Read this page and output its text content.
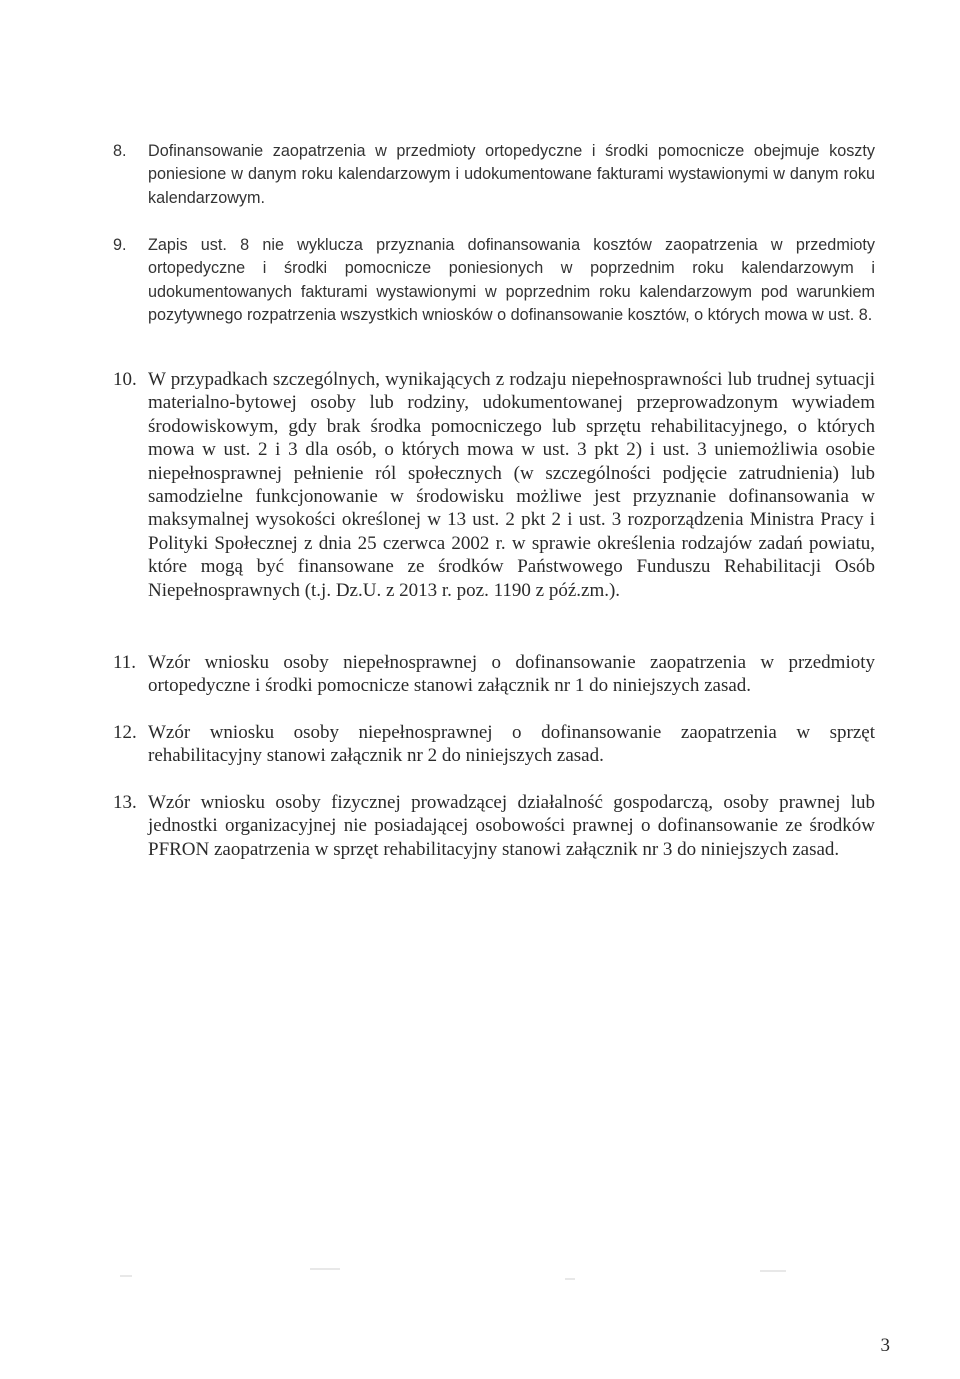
8. Dofinansowanie zaopatrzenia w przedmioty ortopedyczne i środki pomocnicze obejmuje koszty poniesione w danym roku kalendarzowym i udokumentowane fakturami wystawionymi w danym roku kalendarzowym.
9. Zapis ust. 8 nie wyklucza przyznania dofinansowania kosztów zaopatrzenia w przedmioty ortopedyczne i środki pomocnicze poniesionych w poprzednim roku kalendarzowym i udokumentowanych fakturami wystawionymi w poprzednim roku kalendarzowym pod warunkiem pozytywnego rozpatrzenia wszystkich wniosków o dofinansowanie kosztów, o których mowa w ust. 8.
10. W przypadkach szczególnych, wynikających z rodzaju niepełnosprawności lub trudnej sytuacji materialno-bytowej osoby lub rodziny, udokumentowanej przeprowadzonym wywiadem środowiskowym, gdy brak środka pomocniczego lub sprzętu rehabilitacyjnego, o których mowa w ust. 2 i 3 dla osób, o których mowa w ust. 3 pkt 2) i ust. 3 uniemożliwia osobie niepełnosprawnej pełnienie ról społecznych (w szczególności podjęcie zatrudnienia) lub samodzielne funkcjonowanie w środowisku możliwe jest przyznanie dofinansowania w maksymalnej wysokości określonej w 13 ust. 2 pkt 2 i ust. 3 rozporządzenia Ministra Pracy i Polityki Społecznej z dnia 25 czerwca 2002 r. w sprawie określenia rodzajów zadań powiatu, które mogą być finansowane ze środków Państwowego Funduszu Rehabilitacji Osób Niepełnosprawnych (t.j. Dz.U. z 2013 r. poz. 1190 z póź.zm.).
11. Wzór wniosku osoby niepełnosprawnej o dofinansowanie zaopatrzenia w przedmioty ortopedyczne i środki pomocnicze stanowi załącznik nr 1 do niniejszych zasad.
12. Wzór wniosku osoby niepełnosprawnej o dofinansowanie zaopatrzenia w sprzęt rehabilitacyjny stanowi załącznik nr 2 do niniejszych zasad.
13. Wzór wniosku osoby fizycznej prowadzącej działalność gospodarczą, osoby prawnej lub jednostki organizacyjnej nie posiadającej osobowości prawnej o dofinansowanie ze środków PFRON zaopatrzenia w sprzęt rehabilitacyjny stanowi załącznik nr 3 do niniejszych zasad.
3
